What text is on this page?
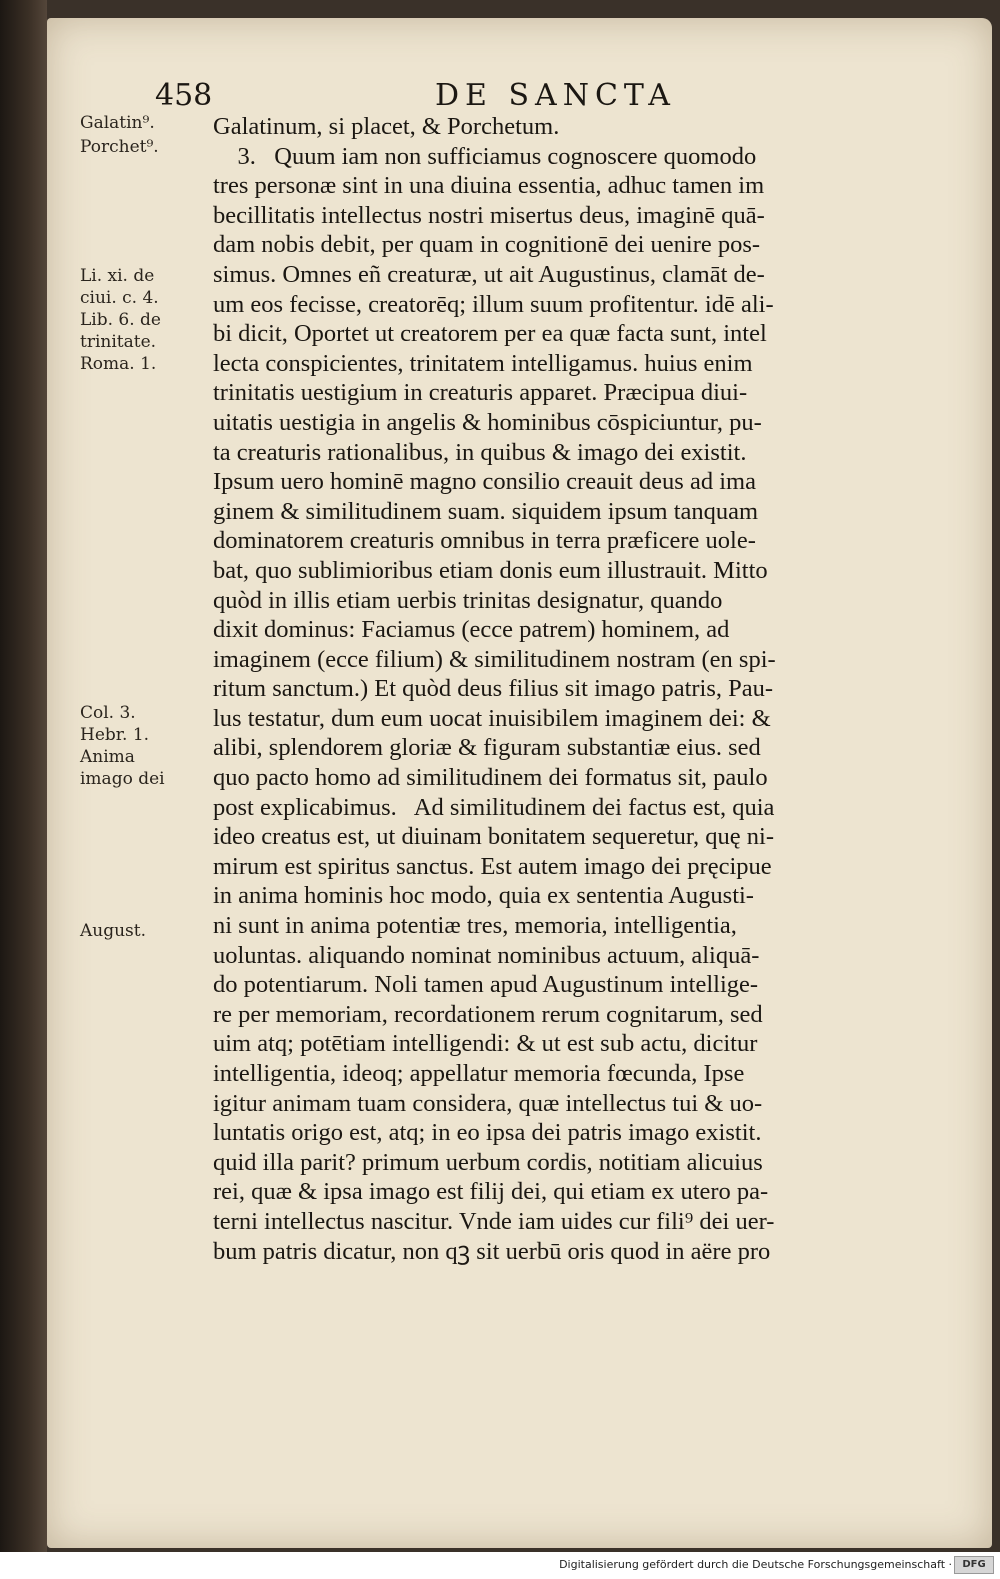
458	DE SANCTA
Galatin⁹.
Porchet⁹.
Li. xi. de
ciui. c. 4.
Lib. 6. de
trinitate.
Roma. 1.
Col. 3.
Hebr. 1.
Anima
imago dei
August.
Galatinum, si placet, & Porchetum.
3.   Quum iam non sufficiamus cognoscere quomodo
tres personæ sint in una diuina essentia, adhuc tamen im
becillitatis intellectus nostri misertus deus, imaginē quā-
dam nobis debit, per quam in cognitionē dei uenire pos-
simus. Omnes eñ creaturæ, ut ait Augustinus, clamāt de-
um eos fecisse, creatorēq; illum suum profitentur. idē ali-
bi dicit, Oportet ut creatorem per ea quæ facta sunt, intel
lecta conspicientes, trinitatem intelligamus. huius enim
trinitatis uestigium in creaturis apparet. Præcipua diui-
uitatis uestigia in angelis & hominibus cōspiciuntur, pu-
ta creaturis rationalibus, in quibus & imago dei existit.
Ipsum uero hominē magno consilio creauit deus ad ima
ginem & similitudinem suam. siquidem ipsum tanquam
dominatorem creaturis omnibus in terra præficere uole-
bat, quo sublimioribus etiam donis eum illustrauit. Mitto
quòd in illis etiam uerbis trinitas designatur, quando
dixit dominus: Faciamus (ecce patrem) hominem, ad
imaginem (ecce filium) & similitudinem nostram (en spi-
ritum sanctum.) Et quòd deus filius sit imago patris, Pau-
lus testatur, dum eum uocat inuisibilem imaginem dei: &
alibi, splendorem gloriæ & figuram substantiæ eius. sed
quo pacto homo ad similitudinem dei formatus sit, paulo
post explicabimus.   Ad similitudinem dei factus est, quia
ideo creatus est, ut diuinam bonitatem sequeretur, quę ni-
mirum est spiritus sanctus. Est autem imago dei pręcipue
in anima hominis hoc modo, quia ex sententia Augusti-
ni sunt in anima potentiæ tres, memoria, intelligentia,
uoluntas. aliquando nominat nominibus actuum, aliquā-
do potentiarum. Noli tamen apud Augustinum intellige-
re per memoriam, recordationem rerum cognitarum, sed
uim atq; potētiam intelligendi: & ut est sub actu, dicitur
intelligentia, ideoq; appellatur memoria fœcunda, Ipse
igitur animam tuam considera, quæ intellectus tui & uo-
luntatis origo est, atq; in eo ipsa dei patris imago existit.
quid illa parit? primum uerbum cordis, notitiam alicuius
rei, quæ & ipsa imago est filij dei, qui etiam ex utero pa-
terni intellectus nascitur. Vnde iam uides cur fili⁹ dei uer-
bum patris dicatur, non qꝫ sit uerbū oris quod in aëre pro
Digitalisierung gefördert durch die Deutsche Forschungsgemeinschaft ·	DFG
